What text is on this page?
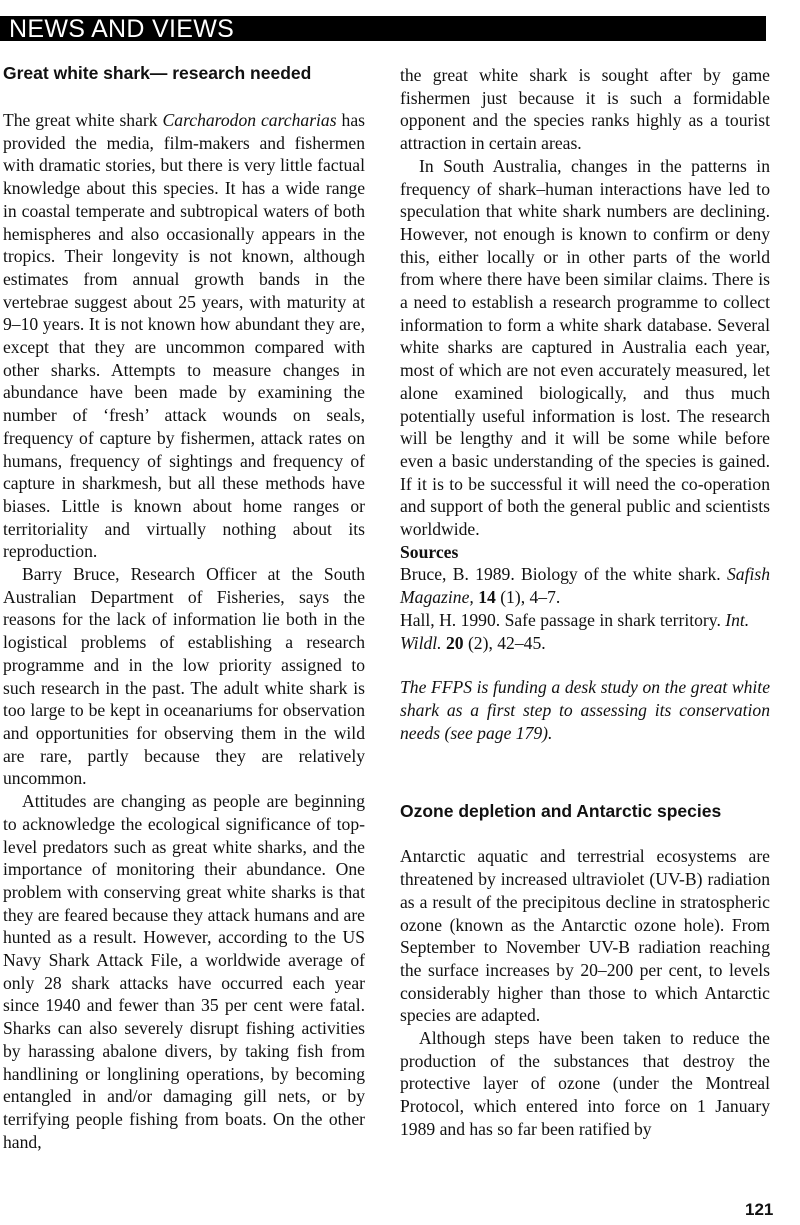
NEWS AND VIEWS
Great white shark— research needed

The great white shark Carcharodon carcharias has provided the media, film-makers and fishermen with dramatic stories, but there is very little factual knowledge about this species. It has a wide range in coastal temperate and subtropical waters of both hemispheres and also occasionally appears in the tropics. Their longevity is not known, although estimates from annual growth bands in the vertebrae suggest about 25 years, with maturity at 9–10 years. It is not known how abundant they are, except that they are uncommon compared with other sharks. Attempts to measure changes in abundance have been made by examining the number of ‘fresh’ attack wounds on seals, frequency of capture by fishermen, attack rates on humans, frequency of sightings and frequency of capture in sharkmesh, but all these methods have biases. Little is known about home ranges or territoriality and virtually nothing about its reproduction.

Barry Bruce, Research Officer at the South Australian Department of Fisheries, says the reasons for the lack of information lie both in the logistical problems of establishing a research programme and in the low priority assigned to such research in the past. The adult white shark is too large to be kept in oceanariums for observation and opportunities for observing them in the wild are rare, partly because they are relatively uncommon.

Attitudes are changing as people are beginning to acknowledge the ecological significance of top-level predators such as great white sharks, and the importance of monitoring their abundance. One problem with conserving great white sharks is that they are feared because they attack humans and are hunted as a result. However, according to the US Navy Shark Attack File, a worldwide average of only 28 shark attacks have occurred each year since 1940 and fewer than 35 per cent were fatal. Sharks can also severely disrupt fishing activities by harassing abalone divers, by taking fish from handlining or longlining operations, by becoming entangled in and/or damaging gill nets, or by terrifying people fishing from boats. On the other hand,

the great white shark is sought after by game fishermen just because it is such a formidable opponent and the species ranks highly as a tourist attraction in certain areas.

In South Australia, changes in the patterns in frequency of shark–human interactions have led to speculation that white shark numbers are declining. However, not enough is known to confirm or deny this, either locally or in other parts of the world from where there have been similar claims. There is a need to establish a research programme to collect information to form a white shark database. Several white sharks are captured in Australia each year, most of which are not even accurately measured, let alone examined biologically, and thus much potentially useful information is lost. The research will be lengthy and it will be some while before even a basic understanding of the species is gained. If it is to be successful it will need the co-operation and support of both the general public and scientists worldwide.

Sources

Bruce, B. 1989. Biology of the white shark. Safish Magazine, 14 (1), 4–7.

Hall, H. 1990. Safe passage in shark territory. Int. Wildl. 20 (2), 42–45.

The FFPS is funding a desk study on the great white shark as a first step to assessing its conservation needs (see page 179).

Ozone depletion and Antarctic species

Antarctic aquatic and terrestrial ecosystems are threatened by increased ultraviolet (UV-B) radiation as a result of the precipitous decline in stratospheric ozone (known as the Antarctic ozone hole). From September to November UV-B radiation reaching the surface increases by 20–200 per cent, to levels considerably higher than those to which Antarctic species are adapted.

Although steps have been taken to reduce the production of the substances that destroy the protective layer of ozone (under the Montreal Protocol, which entered into force on 1 January 1989 and has so far been ratified by

121
